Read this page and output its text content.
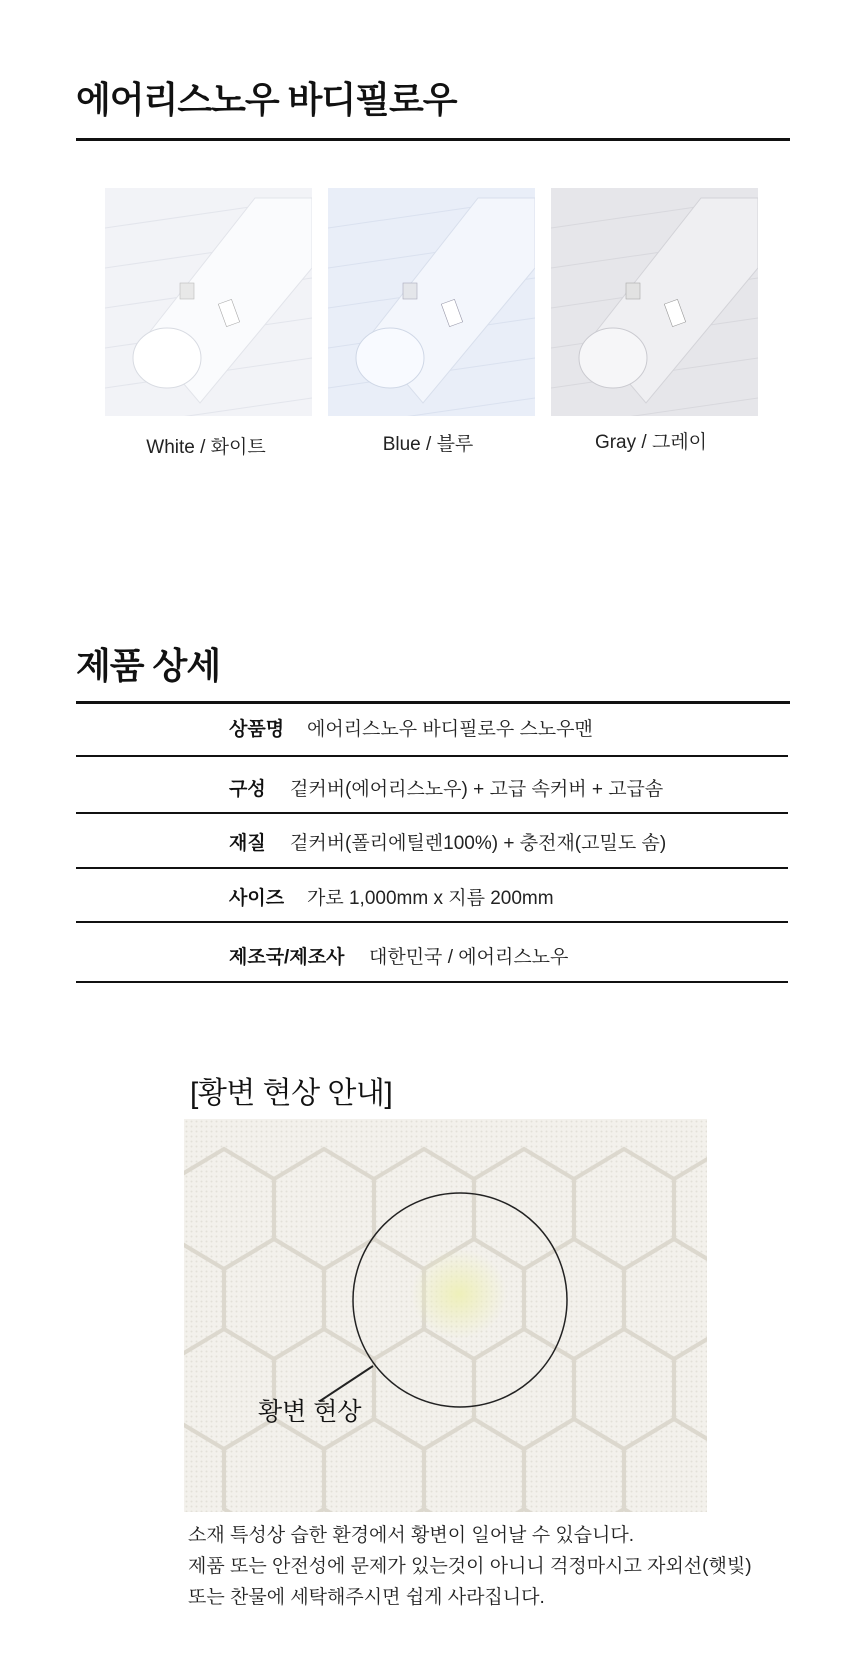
에어리스노우 바디필로우
White / 화이트	Blue / 블루	Gray / 그레이
제품 상세
상품명 에어리스노우 바디필로우 스노우맨
구성 겉커버(에어리스노우) + 고급 속커버 + 고급솜
재질 겉커버(폴리에틸렌100%) + 충전재(고밀도 솜)
사이즈 가로 1,000mm x 지름 200mm
제조국/제조사 대한민국 / 에어리스노우
[황변 현상 안내]
황변 현상
소재 특성상 습한 환경에서 황변이 일어날 수 있습니다.
제품 또는 안전성에 문제가 있는것이 아니니 걱정마시고 자외선(햇빛)
또는 찬물에 세탁해주시면 쉽게 사라집니다.
